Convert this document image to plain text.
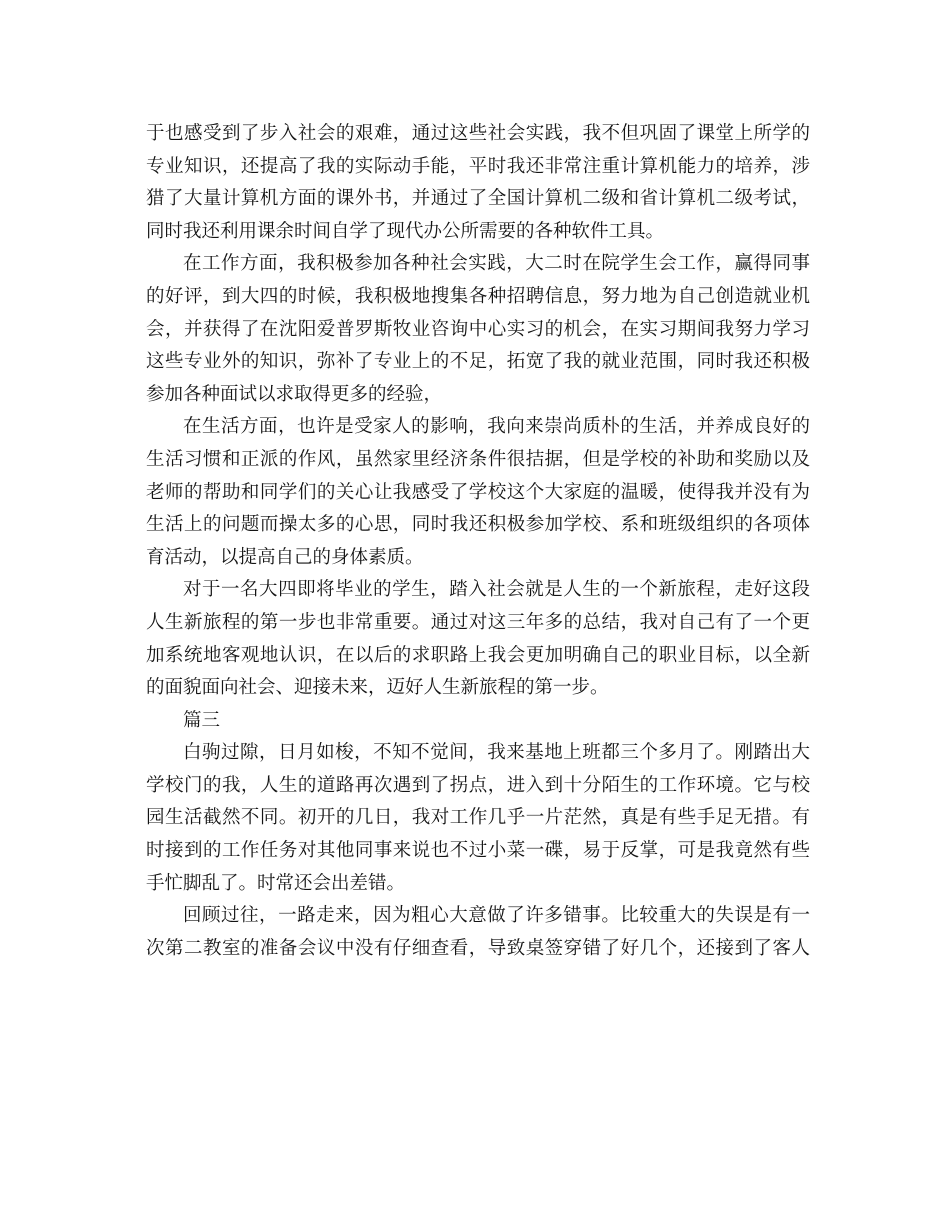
于也感受到了步入社会的艰难，通过这些社会实践，我不但巩固了课堂上所学的
专业知识，还提高了我的实际动手能，平时我还非常注重计算机能力的培养，涉
猎了大量计算机方面的课外书，并通过了全国计算机二级和省计算机二级考试，
同时我还利用课余时间自学了现代办公所需要的各种软件工具。
在工作方面，我积极参加各种社会实践，大二时在院学生会工作，赢得同事
的好评，到大四的时候，我积极地搜集各种招聘信息，努力地为自己创造就业机
会，并获得了在沈阳爱普罗斯牧业咨询中心实习的机会，在实习期间我努力学习
这些专业外的知识，弥补了专业上的不足，拓宽了我的就业范围，同时我还积极
参加各种面试以求取得更多的经验，
在生活方面，也许是受家人的影响，我向来崇尚质朴的生活，并养成良好的
生活习惯和正派的作风，虽然家里经济条件很拮据，但是学校的补助和奖励以及
老师的帮助和同学们的关心让我感受了学校这个大家庭的温暖，使得我并没有为
生活上的问题而操太多的心思，同时我还积极参加学校、系和班级组织的各项体
育活动，以提高自己的身体素质。
对于一名大四即将毕业的学生，踏入社会就是人生的一个新旅程，走好这段
人生新旅程的第一步也非常重要。通过对这三年多的总结，我对自己有了一个更
加系统地客观地认识，在以后的求职路上我会更加明确自己的职业目标，以全新
的面貌面向社会、迎接未来，迈好人生新旅程的第一步。
篇三
白驹过隙，日月如梭，不知不觉间，我来基地上班都三个多月了。刚踏出大
学校门的我，人生的道路再次遇到了拐点，进入到十分陌生的工作环境。它与校
园生活截然不同。初开的几日，我对工作几乎一片茫然，真是有些手足无措。有
时接到的工作任务对其他同事来说也不过小菜一碟，易于反掌，可是我竟然有些
手忙脚乱了。时常还会出差错。
回顾过往，一路走来，因为粗心大意做了许多错事。比较重大的失误是有一
次第二教室的准备会议中没有仔细查看，导致桌签穿错了好几个，还接到了客人
